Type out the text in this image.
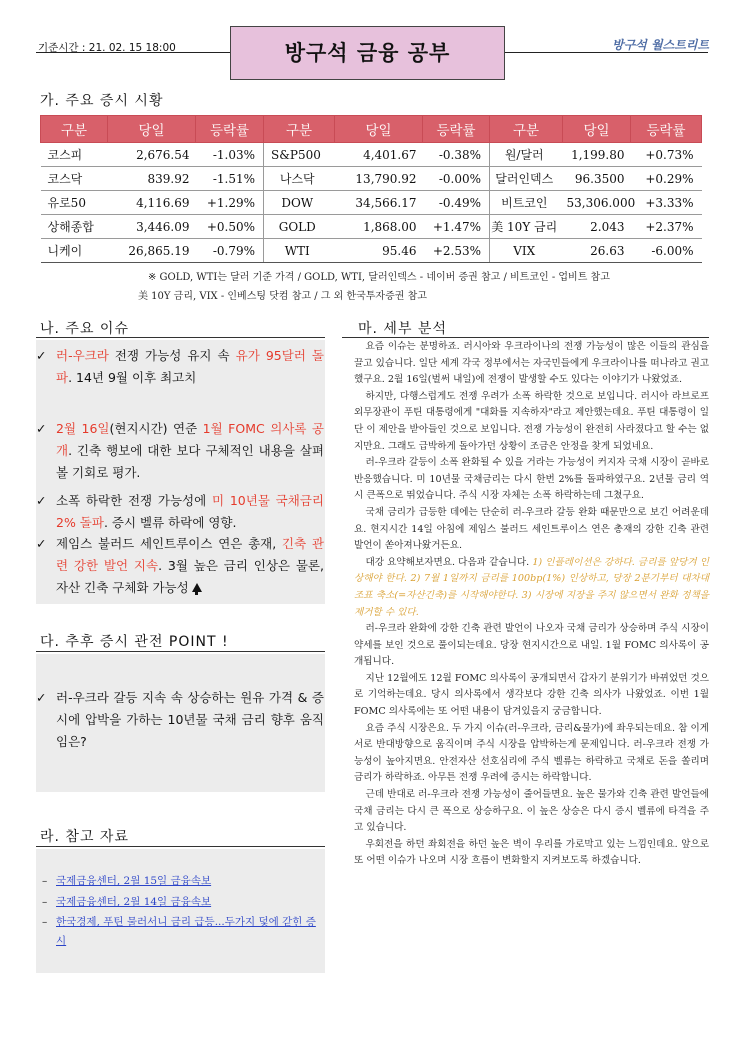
기준시간 : 21. 02. 15 18:00	방구석 금융 공부	방구석 월스트리트
가. 주요 증시 시황
구분	당일	등락률	구분	당일	등락률	구분	당일	등락률
코스피	2,676.54	-1.03%	S&P500	4,401.67	-0.38%	원/달러	1,199.80	+0.73%
코스닥	839.92	-1.51%	나스닥	13,790.92	-0.00%	달러인덱스	96.3500	+0.29%
유로50	4,116.69	+1.29%	DOW	34,566.17	-0.49%	비트코인	53,306.000	+3.33%
상해종합	3,446.09	+0.50%	GOLD	1,868.00	+1.47%	美 10Y 금리	2.043	+2.37%
니케이	26,865.19	-0.79%	WTI	95.46	+2.53%	VIX	26.63	-6.00%
※ GOLD, WTI는 달러 기준 가격 / GOLD, WTI, 달러인덱스 - 네이버 증권 참고 / 비트코인 - 업비트 참고
美 10Y 금리, VIX - 인베스팅 닷컴 참고 / 그 외 한국투자증권 참고
나. 주요 이슈
✓ 러-우크라 전쟁 가능성 유지 속 유가 95달러 돌파. 14년 9월 이후 최고치
✓ 2월 16일(현지시간) 연준 1월 FOMC 의사록 공개. 긴축 행보에 대한 보다 구체적인 내용을 살펴볼 기회로 평가.
✓ 소폭 하락한 전쟁 가능성에 미 10년물 국채금리 2% 돌파. 증시 벨류 하락에 영향.
✓ 제임스 불러드 세인트루이스 연은 총재, 긴축 관련 강한 발언 지속. 3월 높은 금리 인상은 물론, 자산 긴축 구체화 가능성
다. 추후 증시 관전 POINT !
✓ 러-우크라 갈등 지속 속 상승하는 원유 가격 & 증시에 압박을 가하는 10년물 국채 금리 향후 움직임은?
라. 참고 자료
– 국제금융센터, 2월 15일 금융속보
– 국제금융센터, 2월 14일 금융속보
– 한국경제, 푸틴 물러서니 금리 급등...두가지 덫에 갇힌 증시
마. 세부 분석

요즘 이슈는 분명하죠. 러시아와 우크라이나의 전쟁 가능성이 많은 이들의 관심을 끌고 있습니다. 일단 세계 각국 정부에서는 자국민들에게 우크라이나를 떠나라고 권고했구요. 2월 16일(벌써 내일)에 전쟁이 발생할 수도 있다는 이야기가 나왔었죠.

하지만, 다행스럽게도 전쟁 우려가 소폭 하락한 것으로 보입니다. 러시아 라브로프 외무장관이 푸틴 대통령에게 "대화를 지속하자"라고 제안했는데요. 푸틴 대통령이 일단 이 제안을 받아들인 것으로 보입니다. 전쟁 가능성이 완전히 사라졌다고 할 수는 없지만요. 그래도 급박하게 돌아가던 상황이 조금은 안정을 찾게 되었네요.

러-우크라 갈등이 소폭 완화될 수 있을 거라는 가능성이 커지자 국채 시장이 곧바로 반응했습니다. 미 10년물 국채금리는 다시 한번 2%를 돌파하였구요. 2년물 금리 역시 큰폭으로 뛰었습니다. 주식 시장 자체는 소폭 하락하는데 그쳤구요.

국채 금리가 급등한 데에는 단순히 러-우크라 갈등 완화 때문만으로 보긴 어려운데요. 현지시간 14일 아침에 제임스 불러드 세인트루이스 연은 총재의 강한 긴축 관련 발언이 쏟아져나왔거든요.

대강 요약해보자면요. 다음과 같습니다. 1) 인플레이션은 강하다. 금리를 앞당겨 인상해야 한다. 2) 7월 1일까지 금리를 100bp(1%) 인상하고, 당장 2분기부터 대차대조표 축소(=자산긴축)를 시작해야한다. 3) 시장에 지장을 주지 않으면서 완화 정책을 제거할 수 있다.

러-우크라 완화에 강한 긴축 관련 발언이 나오자 국채 금리가 상승하며 주식 시장이 약세를 보인 것으로 풀이되는데요. 당장 현지시간으로 내일. 1월 FOMC 의사록이 공개됩니다.

지난 12월에도 12월 FOMC 의사록이 공개되면서 갑자기 분위기가 바뀌었던 것으로 기억하는데요. 당시 의사록에서 생각보다 강한 긴축 의사가 나왔었죠. 이번 1월 FOMC 의사록에는 또 어떤 내용이 담겨있을지 궁금합니다.

요즘 주식 시장은요. 두 가지 이슈(러-우크라, 금리&물가)에 좌우되는데요. 참 이게 서로 반대방향으로 움직이며 주식 시장을 압박하는게 문제입니다. 러-우크라 전쟁 가능성이 높아지면요. 안전자산 선호심리에 주식 벨류는 하락하고 국채로 돈을 쏠리며 금리가 하락하죠. 아무튼 전쟁 우려에 증시는 하락합니다.

근데 반대로 러-우크라 전쟁 가능성이 줄어들면요. 높은 물가와 긴축 관련 발언들에 국채 금리는 다시 큰 폭으로 상승하구요. 이 높은 상승은 다시 증시 벨류에 타격을 주고 있습니다.

우회전을 하던 좌회전을 하던 높은 벽이 우리를 가로막고 있는 느낌인데요. 앞으로 또 어떤 이슈가 나오며 시장 흐름이 변화할지 지켜보도록 하겠습니다.
